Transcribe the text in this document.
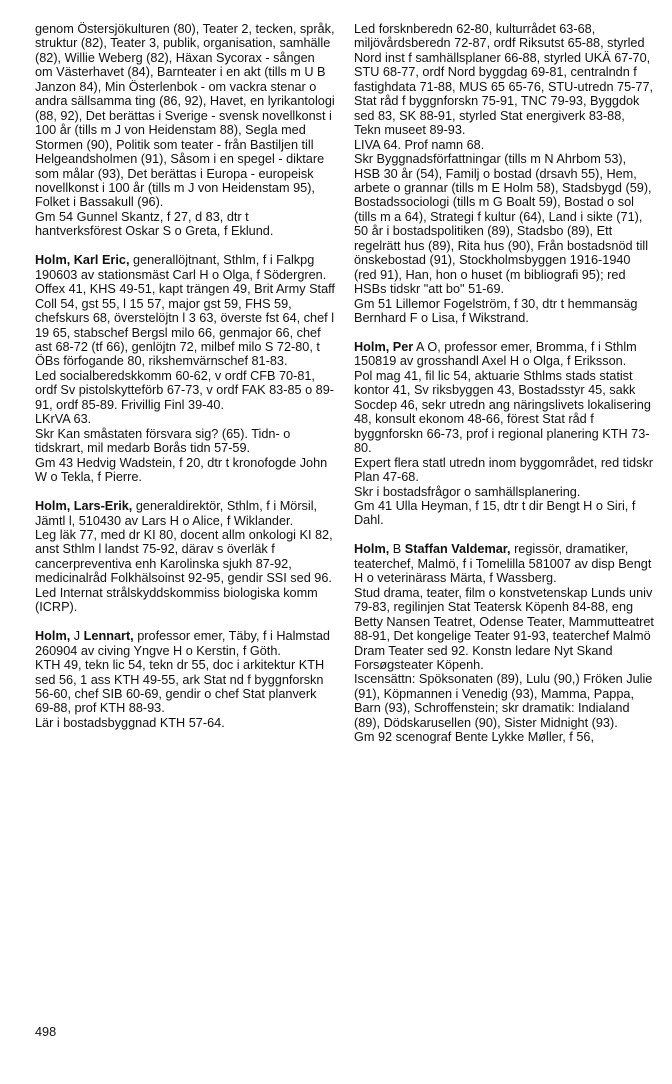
genom Östersjökulturen (80), Teater 2, tecken, språk, struktur (82), Teater 3, publik, organisation, samhälle (82), Willie Weberg (82), Häxan Sycorax - sången om Västerhavet (84), Barnteater i en akt (tills m U B Janzon 84), Min Österlenbok - om vackra stenar o andra sällsamma ting (86, 92), Havet, en lyrikantologi (88, 92), Det berättas i Sverige - svensk novellkonst i 100 år (tills m J von Heidenstam 88), Segla med Stormen (90), Politik som teater - från Bastiljen till Helgeandsholmen (91), Såsom i en spegel - diktare som målar (93), Det berättas i Europa - europeisk novellkonst i 100 år (tills m J von Heidenstam 95), Folket i Bassakull (96).

Gm 54 Gunnel Skantz, f 27, d 83, dtr t hantverksförest Oskar S o Greta, f Eklund.

Holm, Karl Eric, generallöjtnant, Sthlm, f i Falkpg 190603 av stationsmäst Carl H o Olga, f Södergren.

Offex 41, KHS 49-51, kapt trängen 49, Brit Army Staff Coll 54, gst 55, l 15 57, major gst 59, FHS 59, chefskurs 68, överstelöjtn l 3 63, överste fst 64, chef l 19 65, stabschef Bergsl milo 66, genmajor 66, chef ast 68-72 (tf 66), genlöjtn 72, milbef milo S 72-80, t ÖBs förfogande 80, rikshemvärnschef 81-83.

Led socialberedskkomm 60-62, v ordf CFB 70-81, ordf Sv pistolskytteförb 67-73, v ordf FAK 83-85 o 89-91, ordf 85-89. Frivillig Finl 39-40.

LKrVA 63.

Skr Kan småstaten försvara sig? (65). Tidn- o tidskrart, mil medarb Borås tidn 57-59.

Gm 43 Hedvig Wadstein, f 20, dtr t kronofogde John W o Tekla, f Pierre.

Holm, Lars-Erik, generaldirektör, Sthlm, f i Mörsil, Jämtl l, 510430 av Lars H o Alice, f Wiklander.

Leg läk 77, med dr KI 80, docent allm onkologi KI 82, anst Sthlm l landst 75-92, därav s överläk f cancerpreventiva enh Karolinska sjukh 87-92, medicinalråd Folkhälsoinst 92-95, gendir SSI sed 96. Led Internat strålskyddskommiss biologiska komm (ICRP).

Holm, J Lennart, professor emer, Täby, f i Halmstad 260904 av civing Yngve H o Kerstin, f Göth.

KTH 49, tekn lic 54, tekn dr 55, doc i arkitektur KTH sed 56, 1 ass KTH 49-55, ark Stat nd f byggnforskn 56-60, chef SIB 60-69, gendir o chef Stat planverk 69-88, prof KTH 88-93.

Lär i bostadsbyggnad KTH 57-64.

Led forsknberedn 62-80, kulturrådet 63-68, miljövårdsberedn 72-87, ordf Riksutst 65-88, styrled Nord inst f samhällsplaner 66-88, styrled UKÄ 67-70, STU 68-77, ordf Nord byggdag 69-81, centralndn f fastighdata 71-88, MUS 65 65-76, STU-utredn 75-77, Stat råd f byggnforskn 75-91, TNC 79-93, Byggdok sed 83, SK 88-91, styrled Stat energiverk 83-88, Tekn museet 89-93.

LIVA 64. Prof namn 68.

Skr Byggnadsförfattningar (tills m N Ahrbom 53), HSB 30 år (54), Familj o bostad (drsavh 55), Hem, arbete o grannar (tills m E Holm 58), Stadsbygd (59), Bostadssociologi (tills m G Boalt 59), Bostad o sol (tills m a 64), Strategi f kultur (64), Land i sikte (71), 50 år i bostadspolitiken (89), Stadsbo (89), Ett regelrätt hus (89), Rita hus (90), Från bostadsnöd till önskebostad (91), Stockholmsbyggen 1916-1940 (red 91), Han, hon o huset (m bibliografi 95); red HSBs tidskr "att bo" 51-69.

Gm 51 Lillemor Fogelström, f 30, dtr t hemmansäg Bernhard F o Lisa, f Wikstrand.

Holm, Per A O, professor emer, Bromma, f i Sthlm 150819 av grosshandl Axel H o Olga, f Eriksson.

Pol mag 41, fil lic 54, aktuarie Sthlms stads statist kontor 41, Sv riksbyggen 43, Bostadsstyr 45, sakk Socdep 46, sekr utredn ang näringslivets lokalisering 48, konsult ekonom 48-66, förest Stat råd f byggnforskn 66-73, prof i regional planering KTH 73-80.

Expert flera statl utredn inom byggområdet, red tidskr Plan 47-68.

Skr i bostadsfrågor o samhällsplanering.

Gm 41 Ulla Heyman, f 15, dtr t dir Bengt H o Siri, f Dahl.

Holm, B Staffan Valdemar, regissör, dramatiker, teaterchef, Malmö, f i Tomelilla 581007 av disp Bengt H o veterinärass Märta, f Wassberg.

Stud drama, teater, film o konstvetenskap Lunds univ 79-83, regilinjen Stat Teatersk Köpenh 84-88, eng Betty Nansen Teatret, Odense Teater, Mammutteatret 88-91, Det kongelige Teater 91-93, teaterchef Malmö Dram Teater sed 92. Konstn ledare Nyt Skand Forsøgsteater Köpenh.

Iscensättn: Spöksonaten (89), Lulu (90,) Fröken Julie (91), Köpmannen i Venedig (93), Mamma, Pappa, Barn (93), Schroffenstein; skr dramatik: Indialand (89), Dödskarusellen (90), Sister Midnight (93).

Gm 92 scenograf Bente Lykke Møller, f 56,

498
